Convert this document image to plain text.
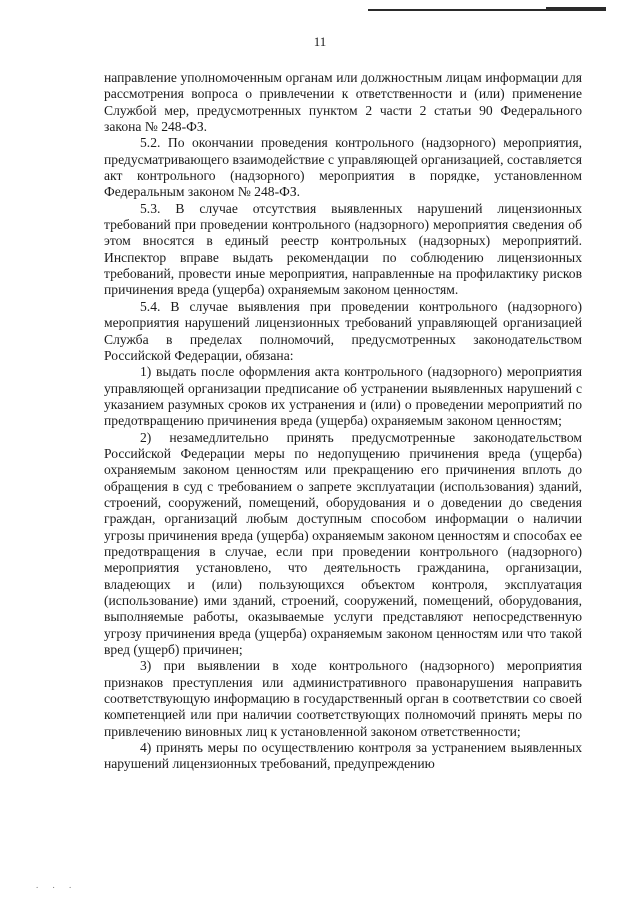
11

направление уполномоченным органам или должностным лицам информации для рассмотрения вопроса о привлечении к ответственности и (или) применение Службой мер, предусмотренных пунктом 2 части 2 статьи 90 Федерального закона № 248-ФЗ.

5.2. По окончании проведения контрольного (надзорного) мероприятия, предусматривающего взаимодействие с управляющей организацией, составляется акт контрольного (надзорного) мероприятия в порядке, установленном Федеральным законом № 248-ФЗ.

5.3. В случае отсутствия выявленных нарушений лицензионных требований при проведении контрольного (надзорного) мероприятия сведения об этом вносятся в единый реестр контрольных (надзорных) мероприятий. Инспектор вправе выдать рекомендации по соблюдению лицензионных требований, провести иные мероприятия, направленные на профилактику рисков причинения вреда (ущерба) охраняемым законом ценностям.

5.4. В случае выявления при проведении контрольного (надзорного) мероприятия нарушений лицензионных требований управляющей организацией Служба в пределах полномочий, предусмотренных законодательством Российской Федерации, обязана:

1) выдать после оформления акта контрольного (надзорного) мероприятия управляющей организации предписание об устранении выявленных нарушений с указанием разумных сроков их устранения и (или) о проведении мероприятий по предотвращению причинения вреда (ущерба) охраняемым законом ценностям;

2) незамедлительно принять предусмотренные законодательством Российской Федерации меры по недопущению причинения вреда (ущерба) охраняемым законом ценностям или прекращению его причинения вплоть до обращения в суд с требованием о запрете эксплуатации (использования) зданий, строений, сооружений, помещений, оборудования и о доведении до сведения граждан, организаций любым доступным способом информации о наличии угрозы причинения вреда (ущерба) охраняемым законом ценностям и способах ее предотвращения в случае, если при проведении контрольного (надзорного) мероприятия установлено, что деятельность гражданина, организации, владеющих и (или) пользующихся объектом контроля, эксплуатация (использование) ими зданий, строений, сооружений, помещений, оборудования, выполняемые работы, оказываемые услуги представляют непосредственную угрозу причинения вреда (ущерба) охраняемым законом ценностям или что такой вред (ущерб) причинен;

3) при выявлении в ходе контрольного (надзорного) мероприятия признаков преступления или административного правонарушения направить соответствующую информацию в государственный орган в соответствии со своей компетенцией или при наличии соответствующих полномочий принять меры по привлечению виновных лиц к установленной законом ответственности;

4) принять меры по осуществлению контроля за устранением выявленных нарушений лицензионных требований, предупреждению

. . .
